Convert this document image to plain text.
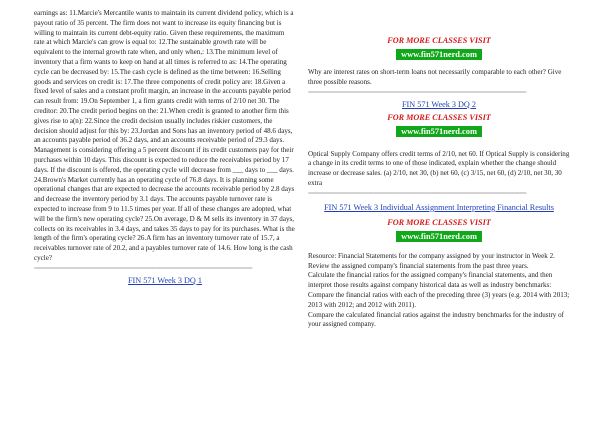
earnings as: 11.Marcie's Mercantile wants to maintain its current dividend policy, which is a payout ratio of 35 percent. The firm does not want to increase its equity financing but is willing to maintain its current debt-equity ratio. Given these requirements, the maximum rate at which Marcie's can grow is equal to: 12.The sustainable growth rate will be equivalent to the internal growth rate when, and only when,: 13.The minimum level of inventory that a firm wants to keep on hand at all times is referred to as: 14.The operating cycle can be decreased by: 15.The cash cycle is defined as the time between: 16.Selling goods and services on credit is: 17.The three components of credit policy are: 18.Given a fixed level of sales and a constant profit margin, an increase in the accounts payable period can result from: 19.On September 1, a firm grants credit with terms of 2/10 net 30. The creditor: 20.The credit period begins on the: 21.When credit is granted to another firm this gives rise to a(n): 22.Since the credit decision usually includes riskier customers, the decision should adjust for this by: 23.Jordan and Sons has an inventory period of 48.6 days, an accounts payable period of 36.2 days, and an accounts receivable period of 29.3 days. Management is considering offering a 5 percent discount if its credit customers pay for their purchases within 10 days. This discount is expected to reduce the receivables period by 17 days. If the discount is offered, the operating cycle will decrease from ___ days to ___ days. 24.Brown's Market currently has an operating cycle of 76.8 days. It is planning some operational changes that are expected to decrease the accounts receivable period by 2.8 days and decrease the inventory period by 3.1 days. The accounts payable turnover rate is expected to increase from 9 to 11.5 times per year. If all of these changes are adopted, what will be the firm's new operating cycle? 25.On average, D & M sells its inventory in 37 days, collects on its receivables in 3.4 days, and takes 35 days to pay for its purchases. What is the length of the firm's operating cycle? 26.A firm has an inventory turnover rate of 15.7, a receivables turnover rate of 20.2, and a payables turnover rate of 14.6. How long is the cash cycle?

==============================================================================================
FIN 571 Week 3 DQ 1
FOR MORE CLASSES VISIT
www.fin571nerd.com

Why are interest rates on short-term loans not necessarily comparable to each other? Give three possible reasons.

==============================================================================================
FIN 571 Week 3 DQ 2
FOR MORE CLASSES VISIT
www.fin571nerd.com

Optical Supply Company offers credit terms of 2/10, net 60. If Optical Supply is considering a change in its credit terms to one of those indicated, explain whether the change should increase or decrease sales. (a) 2/10, net 30, (b) net 60, (c) 3/15, net 60, (d) 2/10, net 30, 30 extra

==============================================================================================
FIN 571 Week 3 Individual Assignment Interpreting Financial Results
FOR MORE CLASSES VISIT
www.fin571nerd.com

Resource: Financial Statements for the company assigned by your instructor in Week 2.

Review the assigned company's financial statements from the past three years.

Calculate the financial ratios for the assigned company's financial statements, and then interpret those results against company historical data as well as industry benchmarks:

Compare the financial ratios with each of the preceding three (3) years (e.g. 2014 with 2013; 2013 with 2012; and 2012 with 2011).

Compare the calculated financial ratios against the industry benchmarks for the industry of your assigned company.
